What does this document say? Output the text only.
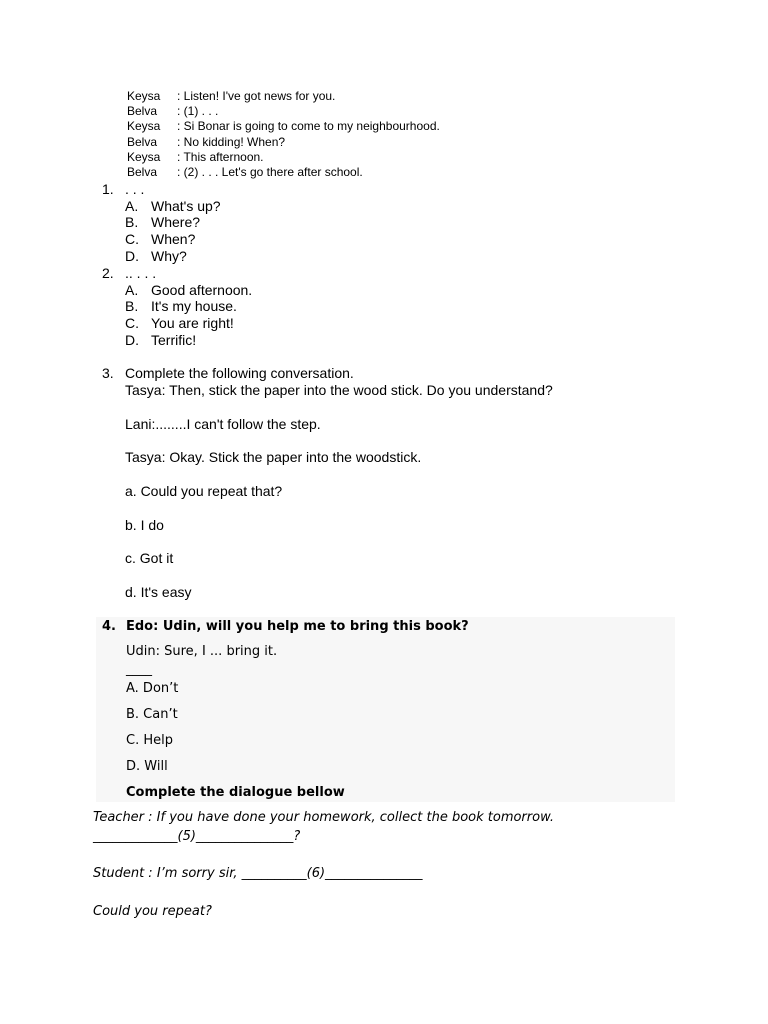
Keysa	: Listen! I've got news for you.
Belva	: (1) . . .
Keysa	: Si Bonar is going to come to my neighbourhood.
Belva	: No kidding! When?
Keysa	: This afternoon.
Belva	: (2) . . . Let's go there after school.
1. . . .
A. What's up?
B. Where?
C. When?
D. Why?
2. .. . . .
A. Good afternoon.
B. It's my house.
C. You are right!
D. Terrific!
3. Complete the following conversation.
Tasya: Then, stick the paper into the wood stick. Do you understand?
Lani:........I can't follow the step.
Tasya: Okay. Stick the paper into the woodstick.
a. Could you repeat that?
b. I do
c. Got it
d. It's easy
4. Edo: Udin, will you help me to bring this book?
Udin: Sure, I ... bring it.
____
A. Don’t
B. Can’t
C. Help
D. Will
Complete the dialogue bellow
Teacher : If you have done your homework, collect the book tomorrow.
_____________(5)_______________?
Student : I’m sorry sir, __________(6)_______________
Could you repeat?
